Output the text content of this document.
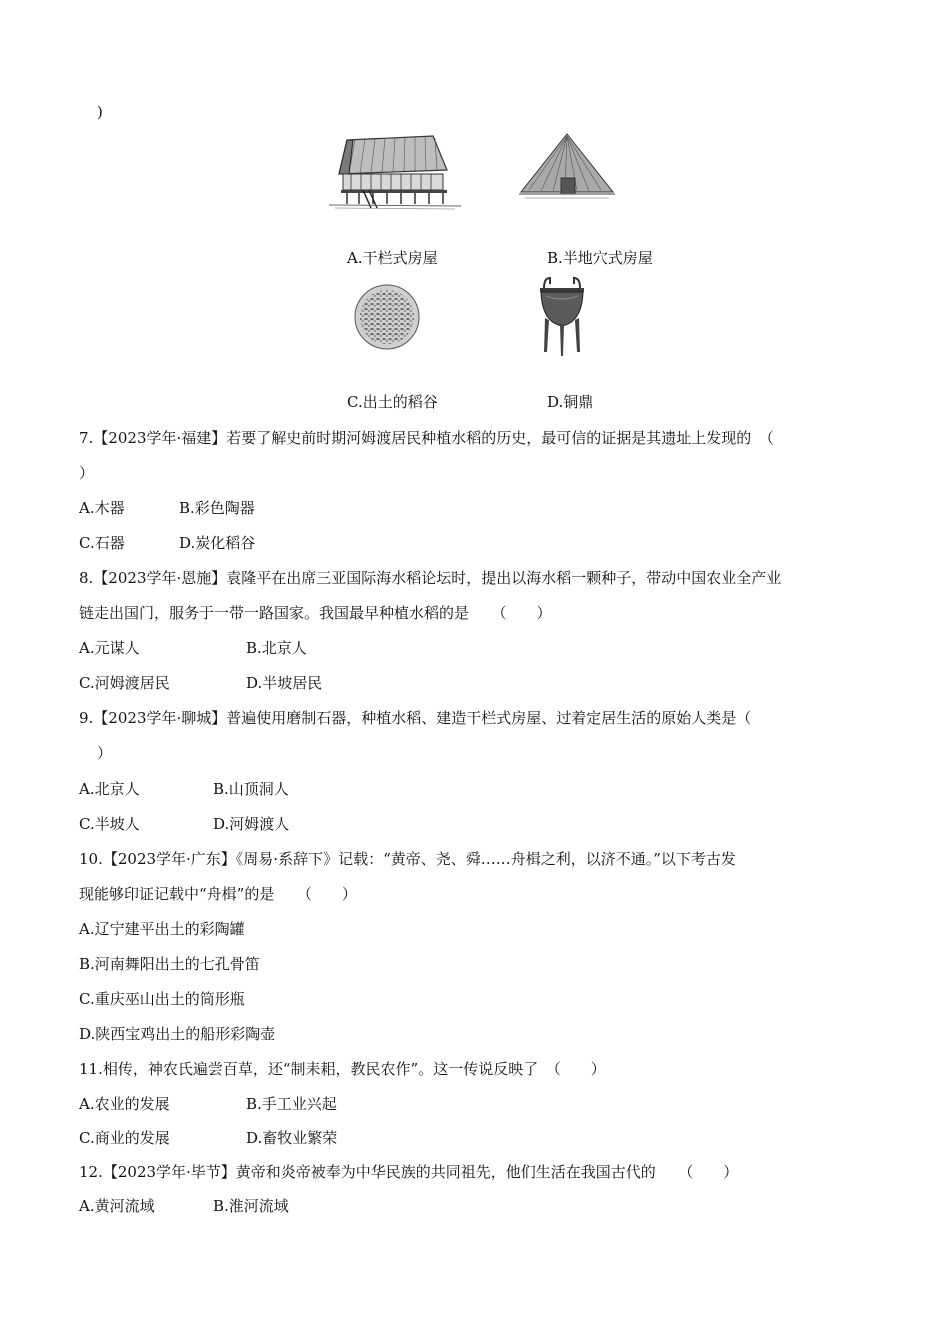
)
A.干栏式房屋	B.半地穴式房屋
C.出土的稻谷	D.铜鼎
7.【2023学年·福建】若要了解史前时期河姆渡居民种植水稻的历史，最可信的证据是其遗址上发现的　（
）
A.木器	B.彩色陶器
C.石器	D.炭化稻谷
8.【2023学年·恩施】袁隆平在出席三亚国际海水稻论坛时，提出以海水稻一颗种子，带动中国农业全产业
链走出国门，服务于一带一路国家。我国最早种植水稻的是　　（　　）
A.元谋人	B.北京人
C.河姆渡居民	D.半坡居民
9.【2023学年·聊城】普遍使用磨制石器，种植水稻、建造干栏式房屋、过着定居生活的原始人类是（
）
A.北京人	B.山顶洞人
C.半坡人	D.河姆渡人
10.【2023学年·广东】《周易·系辞下》记载：“黄帝、尧、舜……舟楫之利，以济不通。”以下考古发
现能够印证记载中“舟楫”的是　　（　　）
A.辽宁建平出土的彩陶罐
B.河南舞阳出土的七孔骨笛
C.重庆巫山出土的筒形瓶
D.陕西宝鸡出土的船形彩陶壶
11.相传，神农氏遍尝百草，还“制耒耜，教民农作”。这一传说反映了　（　　）
A.农业的发展	B.手工业兴起
C.商业的发展	D.畜牧业繁荣
12.【2023学年·毕节】黄帝和炎帝被奉为中华民族的共同祖先，他们生活在我国古代的　　（　　）
A.黄河流域	B.淮河流域
